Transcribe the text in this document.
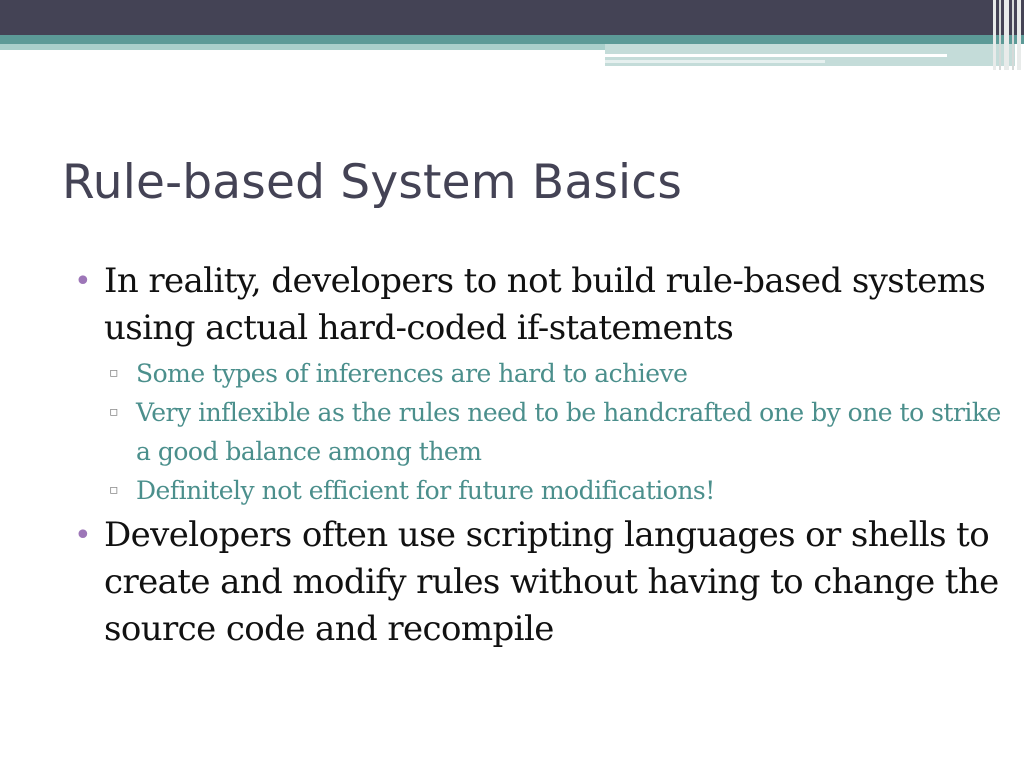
Rule-based System Basics
• In reality, developers to not build rule-based systems using actual hard-coded if-statements
▫ Some types of inferences are hard to achieve
▫ Very inflexible as the rules need to be handcrafted one by one to strike a good balance among them
▫ Definitely not efficient for future modifications!
• Developers often use scripting languages or shells to create and modify rules without having to change the source code and recompile
